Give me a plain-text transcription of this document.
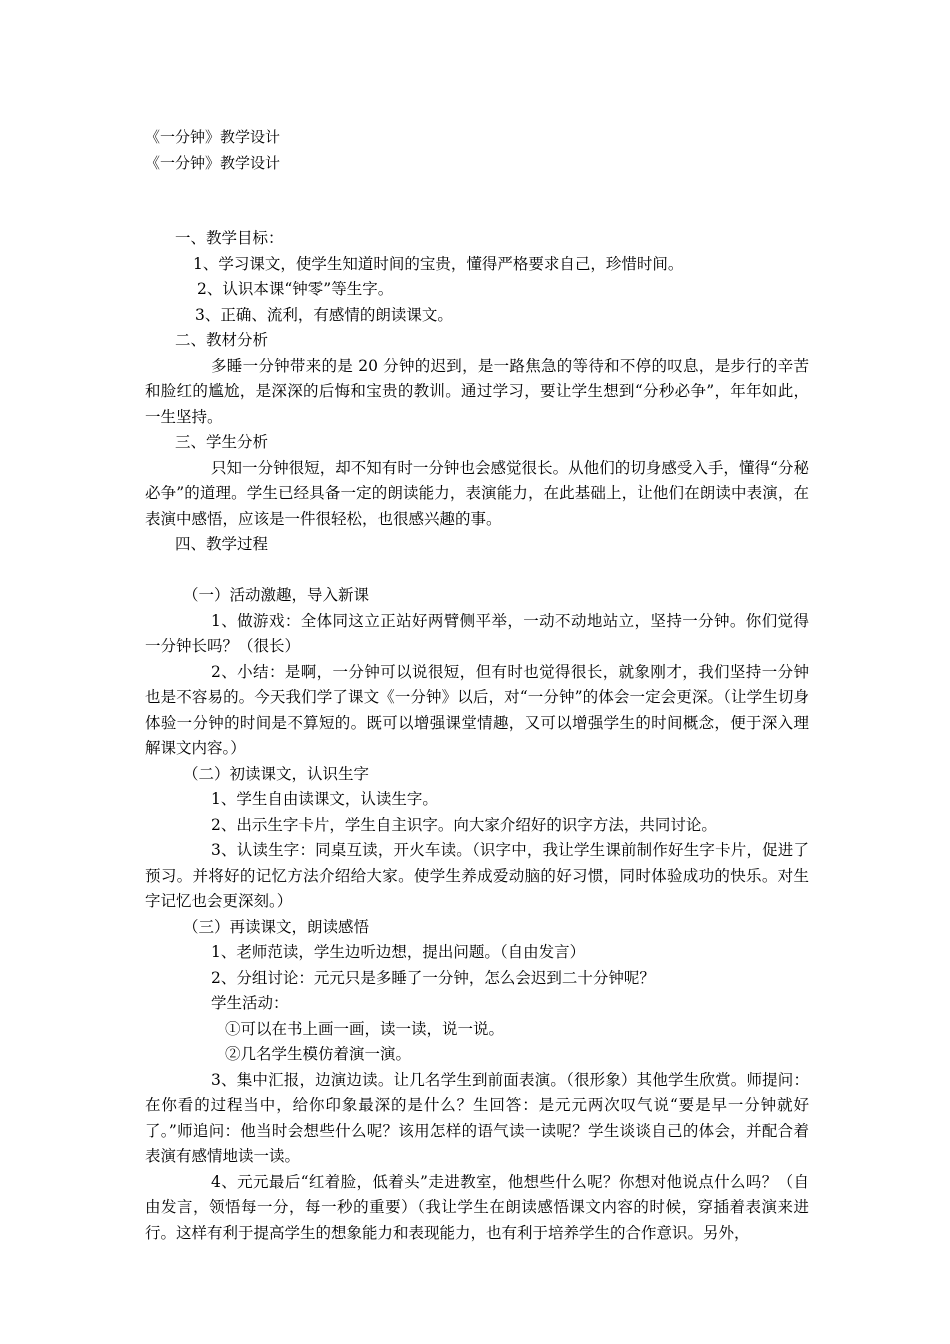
《一分钟》教学设计
《一分钟》教学设计

一、教学目标：

1、学习课文，使学生知道时间的宝贵，懂得严格要求自己，珍惜时间。

2、认识本课“钟零”等生字。

3、正确、流利，有感情的朗读课文。

二、教材分析

多睡一分钟带来的是 20 分钟的迟到，是一路焦急的等待和不停的叹息，是步行的辛苦和脸红的尴尬，是深深的后悔和宝贵的教训。通过学习，要让学生想到“分秒必争”，年年如此，一生坚持。

三、学生分析

只知一分钟很短，却不知有时一分钟也会感觉很长。从他们的切身感受入手，懂得“分秘必争”的道理。学生已经具备一定的朗读能力，表演能力，在此基础上，让他们在朗读中表演，在表演中感悟，应该是一件很轻松，也很感兴趣的事。

四、教学过程

（一）活动激趣，导入新课

1、做游戏：全体同这立正站好两臂侧平举，一动不动地站立，坚持一分钟。你们觉得一分钟长吗？（很长）

2、小结：是啊，一分钟可以说很短，但有时也觉得很长，就象刚才，我们坚持一分钟也是不容易的。今天我们学了课文《一分钟》以后，对“一分钟”的体会一定会更深。（让学生切身体验一分钟的时间是不算短的。既可以增强课堂情趣，又可以增强学生的时间概念，便于深入理解课文内容。）

（二）初读课文，认识生字

1、学生自由读课文，认读生字。

2、出示生字卡片，学生自主识字。向大家介绍好的识字方法，共同讨论。

3、认读生字：同桌互读，开火车读。（识字中，我让学生课前制作好生字卡片，促进了预习。并将好的记忆方法介绍给大家。使学生养成爱动脑的好习惯，同时体验成功的快乐。对生字记忆也会更深刻。）

（三）再读课文，朗读感悟

1、老师范读，学生边听边想，提出问题。（自由发言）

2、分组讨论：元元只是多睡了一分钟，怎么会迟到二十分钟呢？

学生活动：

①可以在书上画一画，读一读，说一说。

②几名学生模仿着演一演。

3、集中汇报，边演边读。让几名学生到前面表演。（很形象）其他学生欣赏。师提问：在你看的过程当中，给你印象最深的是什么？生回答：是元元两次叹气说“要是早一分钟就好了。”师追问：他当时会想些什么呢？该用怎样的语气读一读呢？学生谈谈自己的体会，并配合着表演有感情地读一读。

4、元元最后“红着脸，低着头”走进教室，他想些什么呢？你想对他说点什么吗？（自由发言，领悟每一分，每一秒的重要）（我让学生在朗读感悟课文内容的时候，穿插着表演来进行。这样有利于提高学生的想象能力和表现能力，也有利于培养学生的合作意识。另外，
